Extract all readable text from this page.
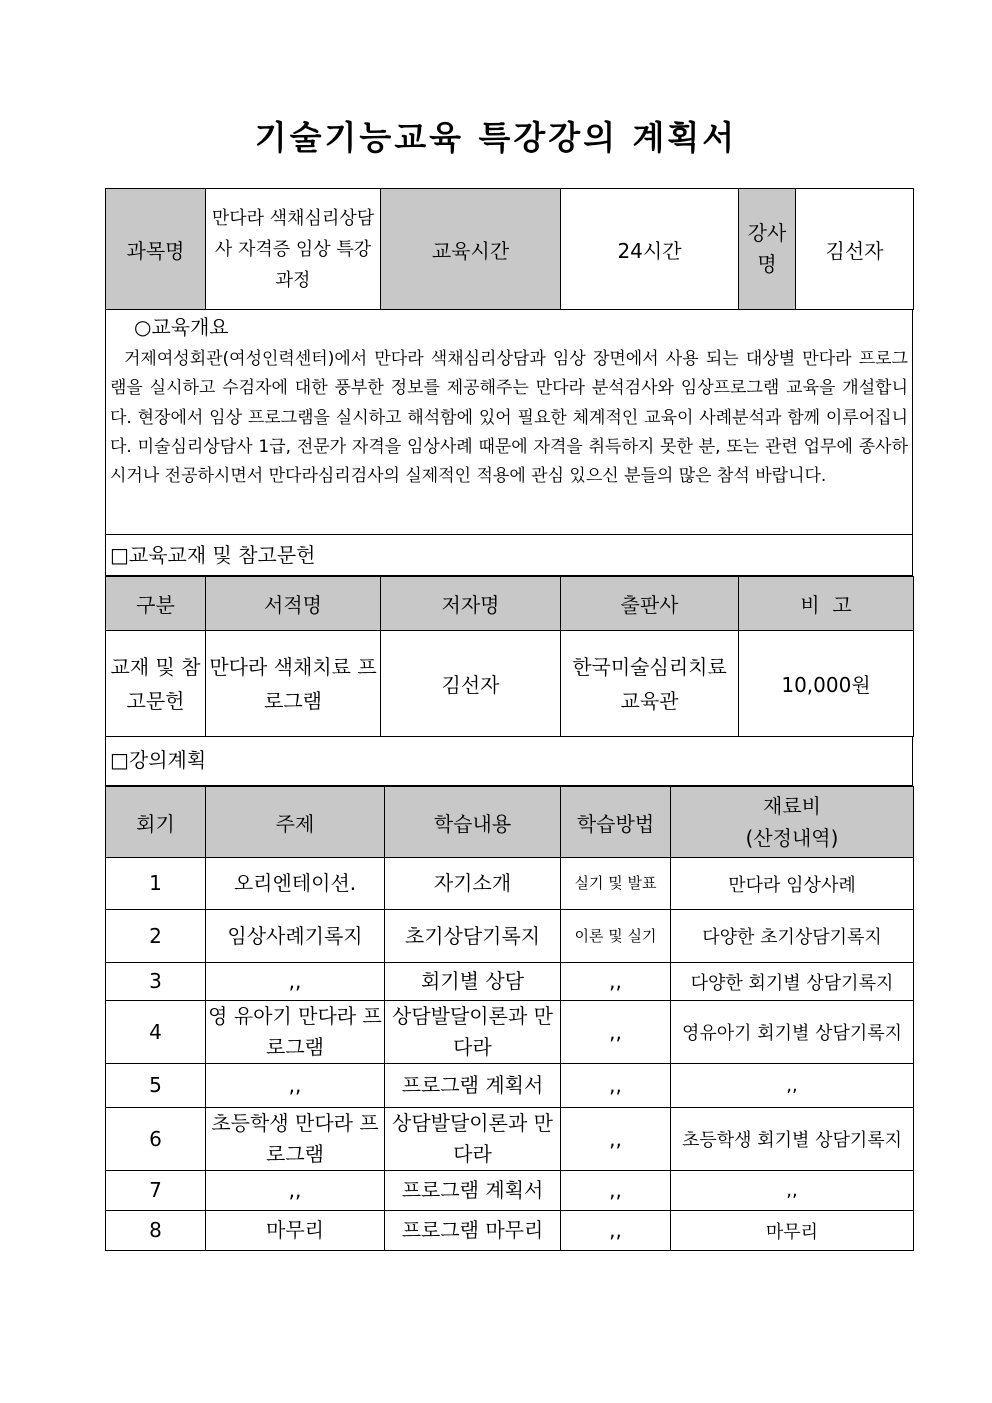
기술기능교육 특강강의 계획서
과목명	만다라 색채심리상담사 자격증 임상 특강 과정	교육시간	24시간	강사명	김선자
○교육개요
거제여성회관(여성인력센터)에서 만다라 색채심리상담과 임상 장면에서 사용 되는 대상별 만다라 프로그램을 실시하고 수검자에 대한 풍부한 정보를 제공해주는 만다라 분석검사와 임상프로그램 교육을 개설합니다. 현장에서 임상 프로그램을 실시하고 해석함에 있어 필요한 체계적인 교육이 사례분석과 함께 이루어집니다. 미술심리상담사 1급, 전문가 자격을 임상사례 때문에 자격을 취득하지 못한 분, 또는 관련 업무에 종사하시거나 전공하시면서 만다라심리검사의 실제적인 적용에 관심 있으신 분들의 많은 참석 바랍니다.
□교육교재 및 참고문헌
구분	서적명	저자명	출판사	비  고
교재 및 참고문헌	만다라 색채치료 프로그램	김선자	한국미술심리치료교육관	10,000원
□강의계획
회기	주제	학습내용	학습방법	재료비
(산정내역)
1	오리엔테이션.	자기소개	실기 및 발표	만다라 임상사례
2	임상사례기록지	초기상담기록지	이론 및 실기	다양한 초기상담기록지
3	,,	회기별 상담	,,	다양한 회기별 상담기록지
4	영 유아기 만다라 프로그램	상담발달이론과 만다라	,,	영유아기 회기별 상담기록지
5	,,	프로그램 계획서	,,	,,
6	초등학생 만다라 프로그램	상담발달이론과 만다라	,,	초등학생 회기별 상담기록지
7	,,	프로그램 계획서	,,	,,
8	마무리	프로그램 마무리	,,	마무리
